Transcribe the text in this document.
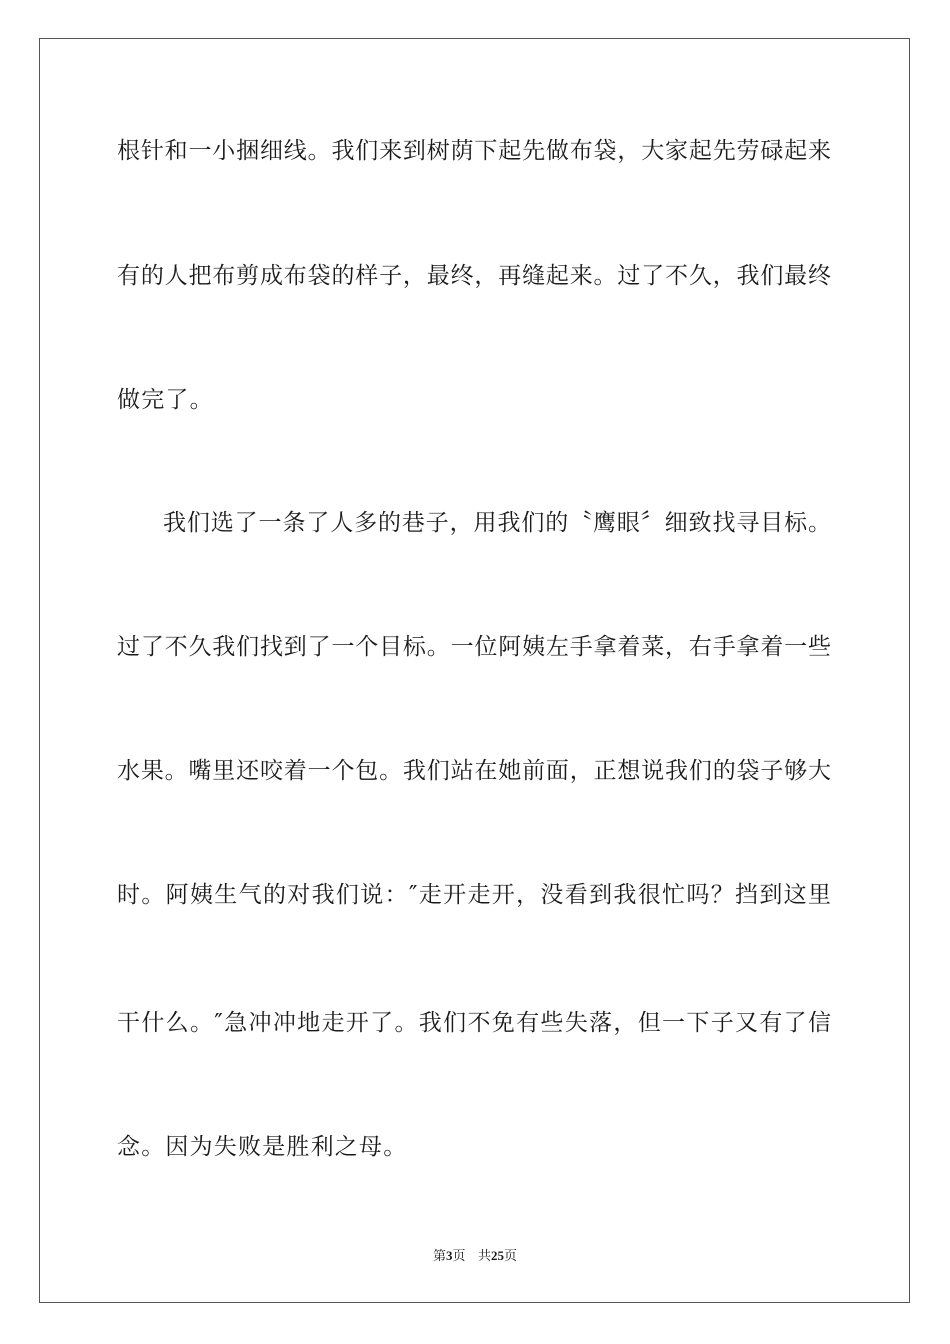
根针和一小捆细线。我们来到树荫下起先做布袋，大家起先劳碌起来
有的人把布剪成布袋的样子，最终，再缝起来。过了不久，我们最终
做完了。
我们选了一条了人多的巷子，用我们的〝鹰眼〞细致找寻目标。
过了不久我们找到了一个目标。一位阿姨左手拿着菜，右手拿着一些
水果。嘴里还咬着一个包。我们站在她前面，正想说我们的袋子够大
时。阿姨生气的对我们说：″走开走开，没看到我很忙吗？挡到这里
干什么。″急冲冲地走开了。我们不免有些失落，但一下子又有了信
念。因为失败是胜利之母。
第3页 共25页
